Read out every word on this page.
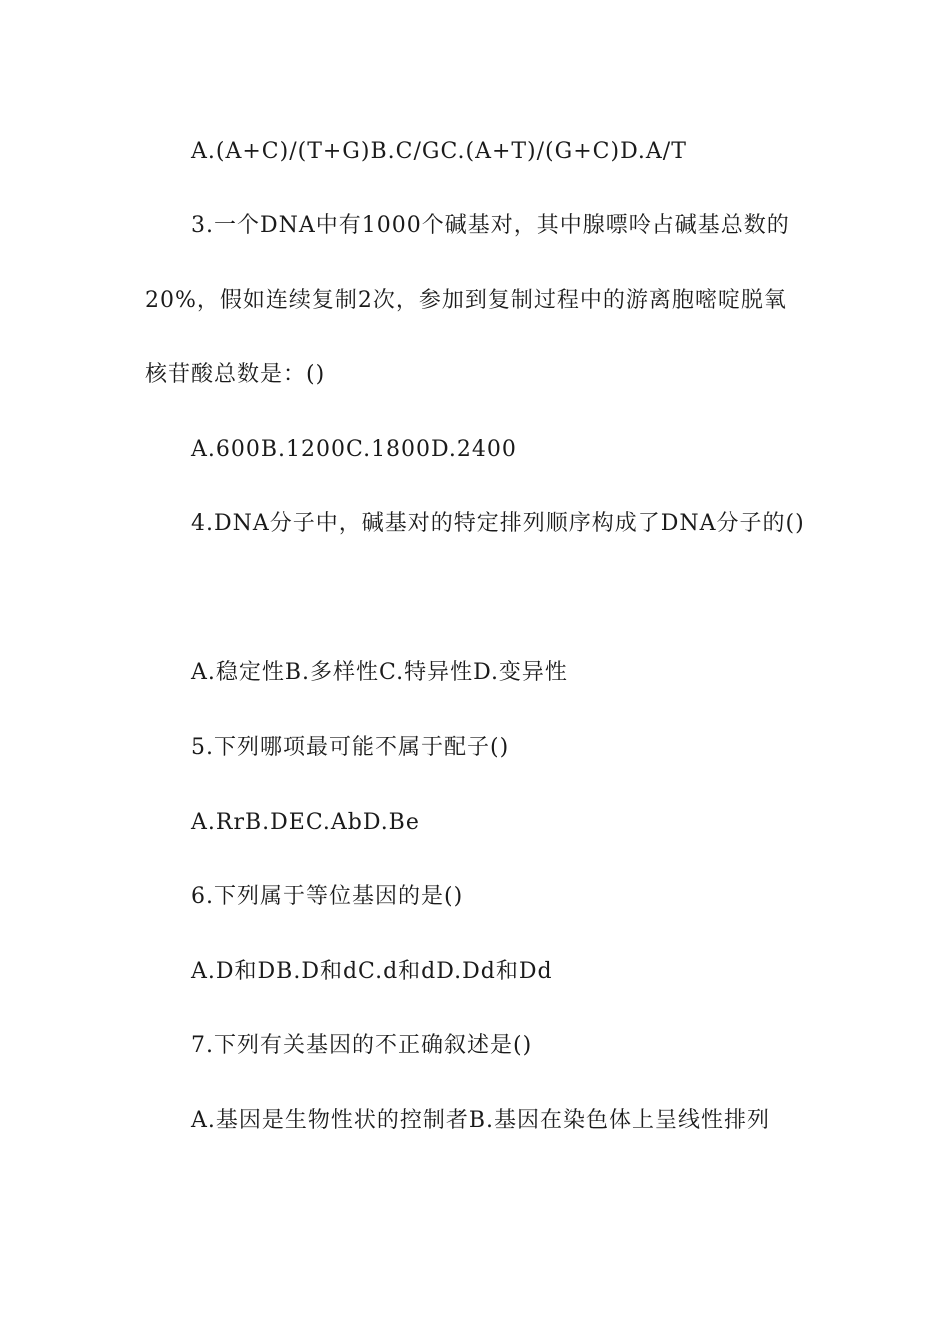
A.(A+C)/(T+G)B.C/GC.(A+T)/(G+C)D.A/T
3.一个DNA中有1000个碱基对，其中腺嘌呤占碱基总数的
20%，假如连续复制2次，参加到复制过程中的游离胞嘧啶脱氧
核苷酸总数是：()
A.600B.1200C.1800D.2400
4.DNA分子中，碱基对的特定排列顺序构成了DNA分子的()
A.稳定性B.多样性C.特异性D.变异性
5.下列哪项最可能不属于配子()
A.RrB.DEC.AbD.Be
6.下列属于等位基因的是()
A.D和DB.D和dC.d和dD.Dd和Dd
7.下列有关基因的不正确叙述是()
A.基因是生物性状的控制者B.基因在染色体上呈线性排列
